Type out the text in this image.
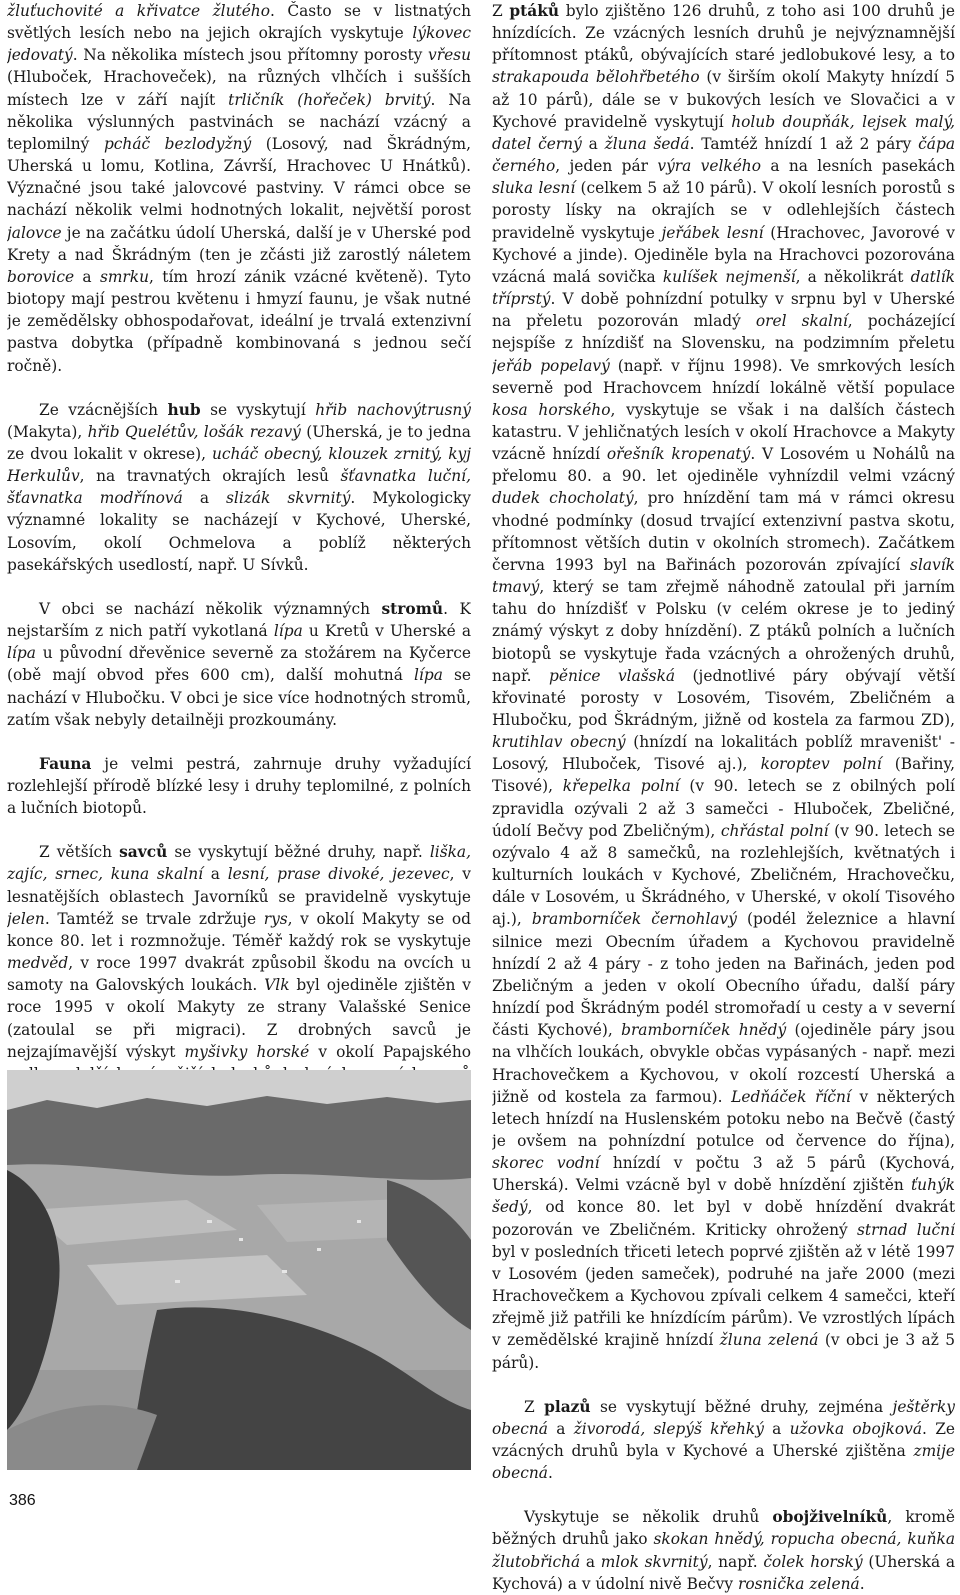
žluťuchovité a křivatce žlutého. Často se v listnatých světlých lesích nebo na jejich okrajích vyskytuje lýkovec jedovatý. Na několika místech jsou přítomny porosty vřesu (Hluboček, Hrachoveček), na různých vlhčích i sušších místech lze v září najít trličník (hořeček) brvitý. Na několika výslunných pastvinách se nachází vzácný a teplomilný pcháč bezlodyžný (Losový, nad Škrádným, Uherská u lomu, Kotlina, Závrší, Hrachovec U Hnátků). Význačné jsou také jalovcové pastviny. V rámci obce se nachází několik velmi hodnotných lokalit, největší porost jalovce je na začátku údolí Uherská, další je v Uherské pod Krety a nad Škrádným (ten je zčásti již zarostlý náletem borovice a smrku, tím hrozí zánik vzácné květeně). Tyto biotopy mají pestrou květenu i hmyzí faunu, je však nutné je zemědělsky obhospodařovat, ideální je trvalá extenzivní pastva dobytka (případně kombinovaná s jednou sečí ročně).

Ze vzácnějších hub se vyskytují hřib nachovýtrusný (Makyta), hřib Quelétův, lošák rezavý (Uherská, je to jedna ze dvou lokalit v okrese), ucháč obecný, klouzek zrnitý, kyj Herkulův, na travnatých okrajích lesů šťavnatka luční, šťavnatka modřínová a slizák skvrnitý. Mykologicky významné lokality se nacházejí v Kychové, Uherské, Losovím, okolí Ochmelova a poblíž některých pasekářských usedlostí, např. U Sívků.

V obci se nachází několik významných stromů. K nejstarším z nich patří vykotlaná lípa u Kretů v Uherské a lípa u původní dřevěnice severně za stožárem na Kyčerce (obě mají obvod přes 600 cm), další mohutná lípa se nachází v Hlubočku. V obci je sice více hodnotných stromů, zatím však nebyly detailněji prozkoumány.

Fauna je velmi pestrá, zahrnuje druhy vyžadující rozlehlejší přírodě blízké lesy i druhy teplomilné, z polních a lučních biotopů.

Z větších savců se vyskytují běžné druhy, např. liška, zajíc, srnec, kuna skalní a lesní, prase divoké, jezevec, v lesnatějších oblastech Javorníků se pravidelně vyskytuje jelen. Tamtéž se trvale zdržuje rys, v okolí Makyty se od konce 80. let i rozmnožuje. Téměř každý rok se vyskytuje medvěd, v roce 1997 dvakrát způsobil škodu na ovcích u samoty na Galovských loukách. Vlk byl ojediněle zjištěn v roce 1995 v okolí Makyty ze strany Valašské Senice (zatoulal se při migraci). Z drobných savců je nejzajímavější výskyt myšivky horské v okolí Papajského

Z ptáků bylo zjištěno 126 druhů, z toho asi 100 druhů je hnízdících. Ze vzácných lesních druhů je nejvýznamnější přítomnost ptáků, obývajících staré jedlobukové lesy, a to strakapouda bělohřbetého (v širším okolí Makyty hnízdí 5 až 10 párů), dále se v bukových lesích ve Slovačici a v Kychové pravidelně vyskytují holub doupňák, lejsek malý, datel černý a žluna šedá. Tamtéž hnízdí 1 až 2 páry čápa černého, jeden pár výra velkého a na lesních pasekách sluka lesní (celkem 5 až 10 párů). V okolí lesních porostů s porosty lísky na okrajích se v odlehlejších částech pravidelně vyskytuje jeřábek lesní (Hrachovec, Javorové v Kychové a jinde). Ojediněle byla na Hrachovci pozorována vzácná malá sovička kulíšek nejmenší, a několikrát datlík tříprstý. V době pohnízdní potulky v srpnu byl v Uherské na přeletu pozorován mladý orel skalní, pocházející nejspíše z hnízdišť na Slovensku, na podzimním přeletu jeřáb popelavý (např. v říjnu 1998). Ve smrkových lesích severně pod Hrachovcem hnízdí lokálně větší populace kosa horského, vyskytuje se však i na dalších částech katastru. V jehličnatých lesích v okolí Hrachovce a Makyty vzácně hnízdí ořešník kropenatý. V Losovém u Nohálů na přelomu 80. a 90. let ojediněle vyhnízdil velmi vzácný dudek chocholatý, pro hnízdění tam má v rámci okresu vhodné podmínky (dosud trvající extenzivní pastva skotu, přítomnost větších dutin v okolních stromech). Začátkem června 1993 byl na Bařinách pozorován zpívající slavík tmavý, který se tam zřejmě náhodně zatoulal při jarním tahu do hnízdišť v Polsku (v celém okrese je to jediný známý výskyt z doby hnízdění). Z ptáků polních a lučních biotopů se vyskytuje řada vzácných a ohrožených druhů, např. pěnice vlašská (jednotlivé páry obývají větší křovinaté porosty v Losovém, Tisovém, Zbeličném a Hlubočku, pod Škrádným, jižně od kostela za farmou ZD), krutihlav obecný (hnízdí na lokalitách poblíž mraveništ' - Losový, Hluboček, Tisové aj.), koroptev polní (Bařiny, Tisové), křepelka polní (v 90. letech se z obilných polí zpravidla ozývali 2 až 3 samečci - Hluboček, Zbeličné, údolí Bečvy pod Zbeličným), chřástal polní (v 90. letech se ozývalo 4 až 8 samečků, na rozlehlejších, květnatých i kulturních loukách v Kychové, Zbeličném, Hrachovečku, dále v Losovém, u Škrádného, v Uherské, v okolí Tisového aj.), bramborníček černohlavý (podél železnice a hlavní silnice mezi Obecním úřadem a Kychovou pravidelně hnízdí 2 až 4 páry - z toho jeden na Bařinách, jeden pod Zbeličným a jeden v okolí Obecního úřadu, další páry hnízdí pod Škrádným podél stromořadí u cesty a v severní části Kychové), bramborníček hnědý (ojediněle páry jsou na vlhčích loukách, obvykle občas vypásaných - např. mezi Hrachovečkem a Kychovou, v okolí rozcestí Uherská a jižně od kostela za farmou). Ledňáček říční v některých letech hnízdí na Huslenském potoku nebo na Bečvě (častý je ovšem na pohnízdní potulce od července do října), skorec vodní hnízdí v počtu 3 až 5 párů (Kychová, Uherská). Velmi vzácně byl v době hnízdění zjištěn ťuhýk šedý, od konce 80. let byl v době hnízdění dvakrát pozorován ve Zbeličném. Kriticky ohrožený strnad luční byl v posledních třiceti letech poprvé zjištěn až v létě 1997 v Losovém (jeden sameček), podruhé na jaře 2000 (mezi Hrachovečkem a Kychovou zpívali celkem 4 samečci, kteří zřejmě již patřili ke hnízdícím párům). Ve vzrostlých lípách v zemědělské krajině hnízdí žluna zelená (v obci je 3 až 5 párů).

Z plazů se vyskytují běžné druhy, zejména ještěrky obecná a živorodá, slepýš křehký a užovka obojková. Ze vzácných druhů byla v Kychové a Uherské zjištěna zmije obecná.

Vyskytuje se několik druhů obojživelníků, kromě běžných druhů jako skokan hnědý, ropucha obecná, kuňka žlutobřichá a mlok skvrnitý, např. čolek horský (Uherská a Kychová) a v údolní nivě Bečvy rosnička zelená.

386
